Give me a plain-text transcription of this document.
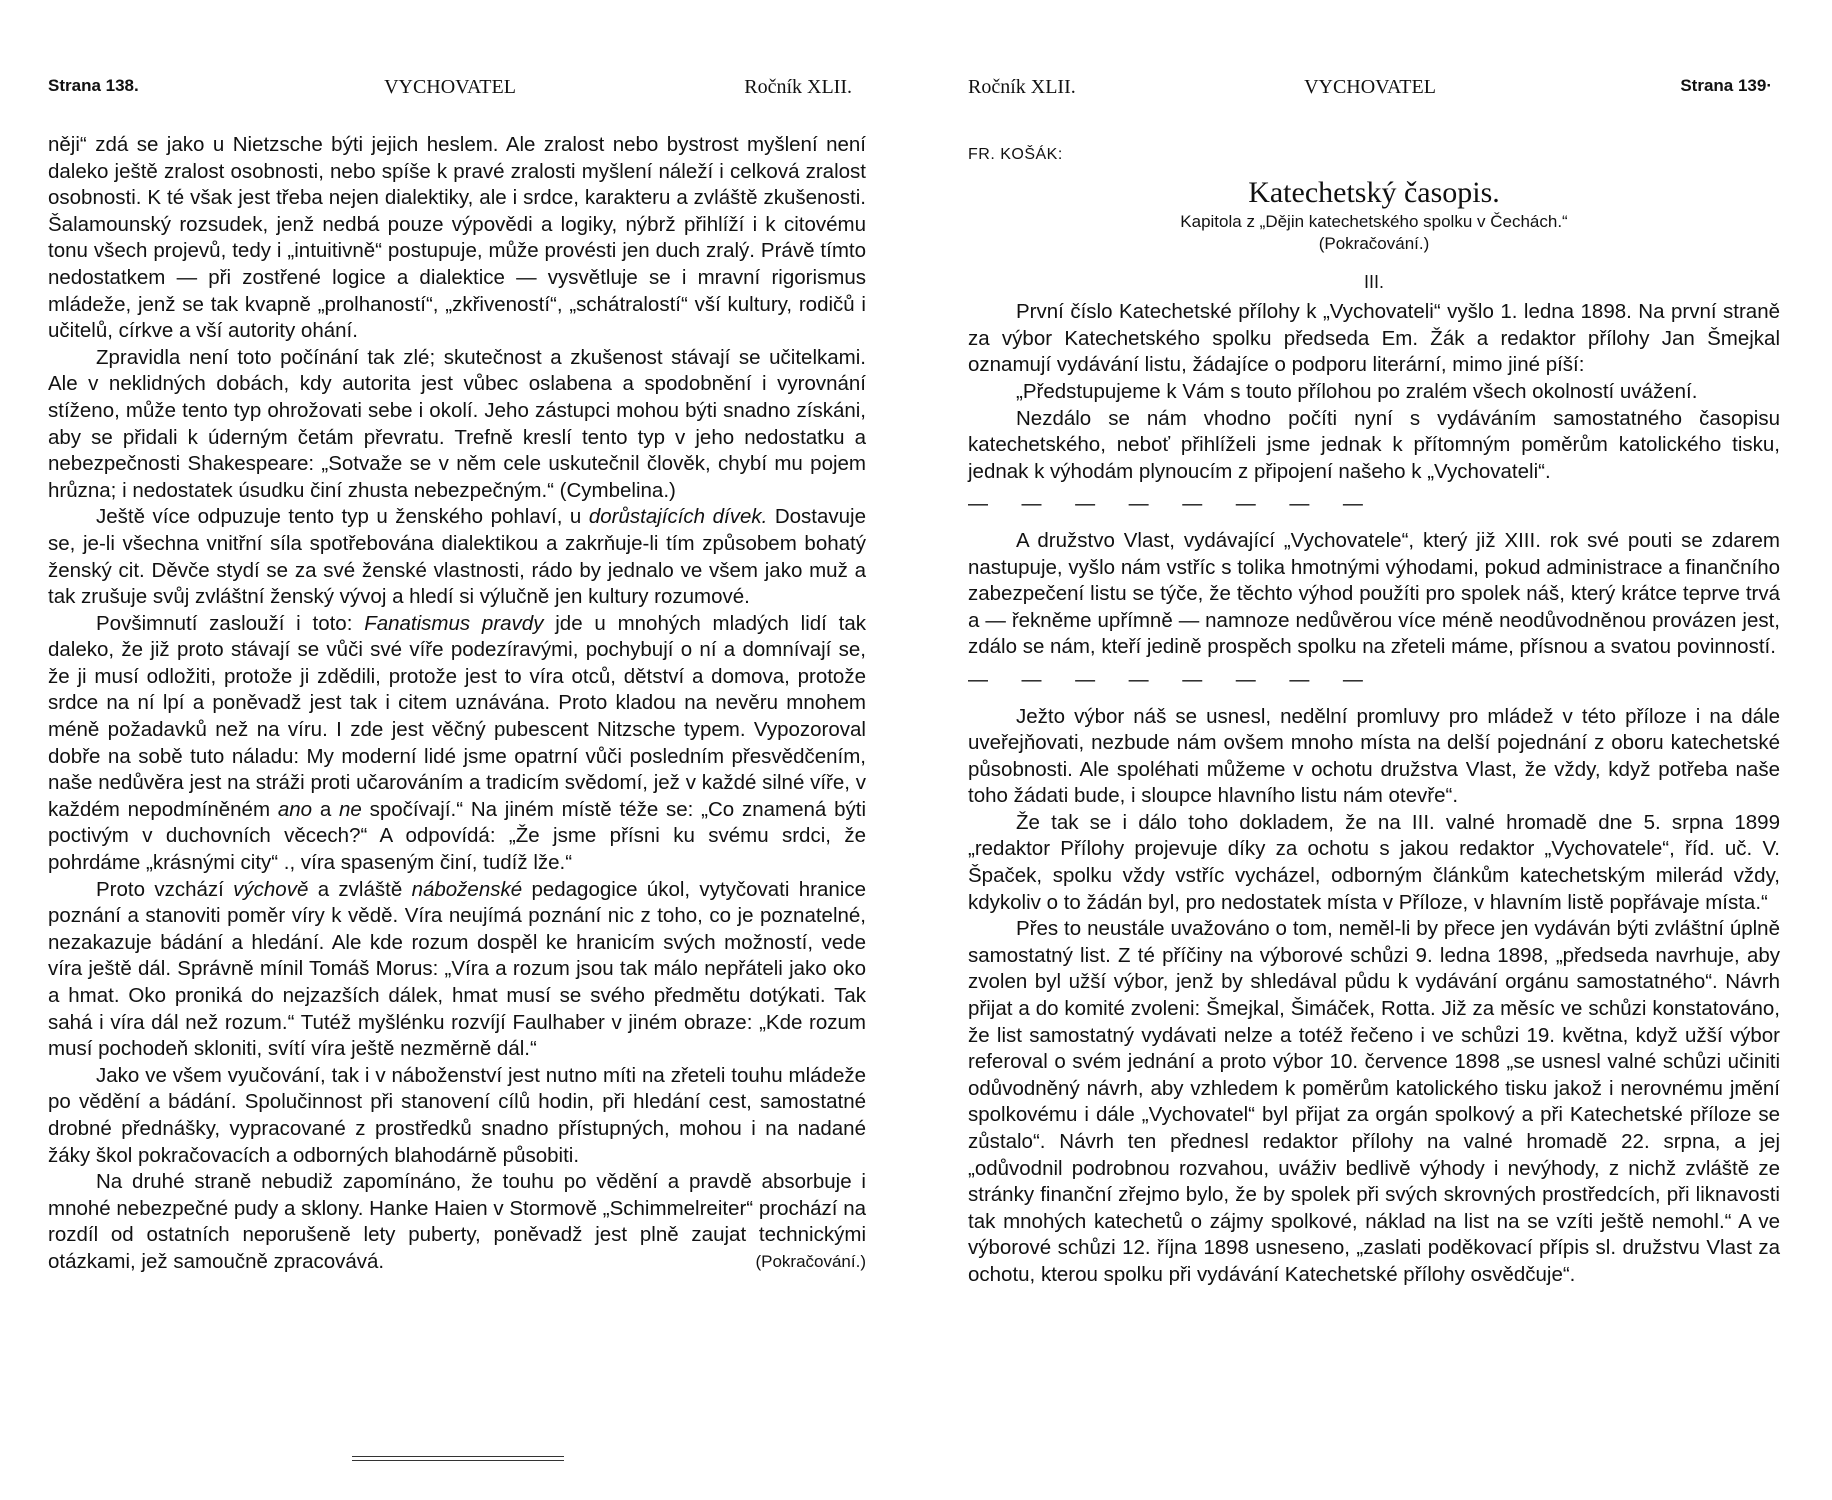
Strana 138.	VYCHOVATEL	Ročník XLII.

něji“ zdá se jako u Nietzsche býti jejich heslem. Ale zralost nebo bystrost myšlení není daleko ještě zralost osobnosti, nebo spíše k pravé zralosti myšlení náleží i celková zralost osobnosti. K té však jest třeba nejen dialektiky, ale i srdce, karakteru a zvláště zkušenosti. Šalamounský rozsudek, jenž nedbá pouze výpovědi a logiky, nýbrž přihlíží i k citovému tonu všech projevů, tedy i „intuitivně“ postupuje, může provésti jen duch zralý. Právě tímto nedostatkem — při zostřené logice a dialektice — vysvětluje se i mravní rigorismus mládeže, jenž se tak kvapně „prolhaností“, „zkřiveností“, „schátralostí“ vší kultury, rodičů i učitelů, církve a vší autority ohání.

Zpravidla není toto počínání tak zlé; skutečnost a zkušenost stávají se učitelkami. Ale v neklidných dobách, kdy autorita jest vůbec oslabena a spodobnění i vyrovnání stíženo, může tento typ ohrožovati sebe i okolí. Jeho zástupci mohou býti snadno získáni, aby se přidali k úderným četám převratu. Trefně kreslí tento typ v jeho nedostatku a nebezpečnosti Shakespeare: „Sotvaže se v něm cele uskutečnil člověk, chybí mu pojem hrůzna; i nedostatek úsudku činí zhusta nebezpečným.“ (Cymbelina.)

Ještě více odpuzuje tento typ u ženského pohlaví, u dorůstajících dívek. Dostavuje se, je-li všechna vnitřní síla spotřebována dialektikou a zakrňuje-li tím způsobem bohatý ženský cit. Děvče stydí se za své ženské vlastnosti, rádo by jednalo ve všem jako muž a tak zrušuje svůj zvláštní ženský vývoj a hledí si výlučně jen kultury rozumové.

Povšimnutí zaslouží i toto: Fanatismus pravdy jde u mnohých mladých lidí tak daleko, že již proto stávají se vůči své víře podezíravými, pochybují o ní a domnívají se, že ji musí odložiti, protože ji zdědili, protože jest to víra otců, dětství a domova, protože srdce na ní lpí a poněvadž jest tak i citem uznávána. Proto kladou na nevěru mnohem méně požadavků než na víru. I zde jest věčný pubescent Nitzsche typem. Vypozoroval dobře na sobě tuto náladu: My moderní lidé jsme opatrní vůči posledním přesvědčením, naše nedůvěra jest na stráži proti učarováním a tradicím svědomí, jež v každé silné víře, v každém nepodmíněném ano a ne spočívají.“ Na jiném místě téže se: „Co znamená býti poctivým v duchovních věcech?“ A odpovídá: „Že jsme přísni ku svému srdci, že pohrdáme „krásnými city“ ., víra spaseným činí, tudíž lže.“

Proto vzchází výchově a zvláště náboženské pedagogice úkol, vytyčovati hranice poznání a stanoviti poměr víry k vědě. Víra neujímá poznání nic z toho, co je poznatelné, nezakazuje bádání a hledání. Ale kde rozum dospěl ke hranicím svých možností, vede víra ještě dál. Správně mínil Tomáš Morus: „Víra a rozum jsou tak málo nepřáteli jako oko a hmat. Oko proniká do nejzazších dálek, hmat musí se svého předmětu dotýkati. Tak sahá i víra dál než rozum.“ Tutéž myšlénku rozvíjí Faulhaber v jiném obraze: „Kde rozum musí pochodeň skloniti, svítí víra ještě nezměrně dál.“

Jako ve všem vyučování, tak i v náboženství jest nutno míti na zřeteli touhu mládeže po vědění a bádání. Spolučinnost při stanovení cílů hodin, při hledání cest, samostatné drobné přednášky, vypracované z prostředků snadno přístupných, mohou i na nadané žáky škol pokračovacích a odborných blahodárně působiti.

Na druhé straně nebudiž zapomínáno, že touhu po vědění a pravdě absorbuje i mnohé nebezpečné pudy a sklony. Hanke Haien v Stormově „Schimmelreiter“ prochází na rozdíl od ostatních neporušeně lety puberty, poněvadž jest plně zaujat technickými otázkami, jež samoučně zpracovává.	(Pokračování.)

Ročník XLII.	VYCHOVATEL	Strana 139·

FR. KOŠÁK:

Katechetský časopis.

Kapitola z „Dějin katechetského spolku v Čechách.“

(Pokračování.)

III.

První číslo Katechetské přílohy k „Vychovateli“ vyšlo 1. ledna 1898. Na první straně za výbor Katechetského spolku předseda Em. Žák a redaktor přílohy Jan Šmejkal oznamují vydávání listu, žádajíce o podporu literární, mimo jiné píší:

„Předstupujeme k Vám s touto přílohou po zralém všech okolností uvážení.

Nezdálo se nám vhodno počíti nyní s vydáváním samostatného časopisu katechetského, neboť přihlíželi jsme jednak k přítomným poměrům katolického tisku, jednak k výhodám plynoucím z připojení našeho k „Vychovateli“.

— — — — — — — —

A družstvo Vlast, vydávající „Vychovatele“, který již XIII. rok své pouti se zdarem nastupuje, vyšlo nám vstříc s tolika hmotnými výhodami, pokud administrace a finančního zabezpečení listu se týče, že těchto výhod použíti pro spolek náš, který krátce teprve trvá a — řekněme upřímně — namnoze nedůvěrou více méně neodůvodněnou provázen jest, zdálo se nám, kteří jedině prospěch spolku na zřeteli máme, přísnou a svatou povinností.

— — — — — — — —

Ježto výbor náš se usnesl, nedělní promluvy pro mládež v této příloze i na dále uveřejňovati, nezbude nám ovšem mnoho místa na delší pojednání z oboru katechetské působnosti. Ale spoléhati můžeme v ochotu družstva Vlast, že vždy, když potřeba naše toho žádati bude, i sloupce hlavního listu nám otevře“.

Že tak se i dálo toho dokladem, že na III. valné hromadě dne 5. srpna 1899 „redaktor Přílohy projevuje díky za ochotu s jakou redaktor „Vychovatele“, říd. uč. V. Špaček, spolku vždy vstříc vycházel, odborným článkům katechetským milerád vždy, kdykoliv o to žádán byl, pro nedostatek místa v Příloze, v hlavním listě popřávaje místa.“

Přes to neustále uvažováno o tom, neměl-li by přece jen vydáván býti zvláštní úplně samostatný list. Z té příčiny na výborové schůzi 9. ledna 1898, „předseda navrhuje, aby zvolen byl užší výbor, jenž by shledával půdu k vydávání orgánu samostatného“. Návrh přijat a do komité zvoleni: Šmejkal, Šimáček, Rotta. Již za měsíc ve schůzi konstatováno, že list samostatný vydávati nelze a totéž řečeno i ve schůzi 19. května, když užší výbor referoval o svém jednání a proto výbor 10. července 1898 „se usnesl valné schůzi učiniti odůvodněný návrh, aby vzhledem k poměrům katolického tisku jakož i nerovnému jmění spolkovému i dále „Vychovatel“ byl přijat za orgán spolkový a při Katechetské příloze se zůstalo“. Návrh ten přednesl redaktor přílohy na valné hromadě 22. srpna, a jej „odůvodnil podrobnou rozvahou, uváživ bedlivě výhody i nevýhody, z nichž zvláště ze stránky finanční zřejmo bylo, že by spolek při svých skrovných prostředcích, při liknavosti tak mnohých katechetů o zájmy spolkové, náklad na list na se vzíti ještě nemohl.“ A ve výborové schůzi 12. října 1898 usneseno, „zaslati poděkovací přípis sl. družstvu Vlast za ochotu, kterou spolku při vydávání Katechetské přílohy osvědčuje“.
